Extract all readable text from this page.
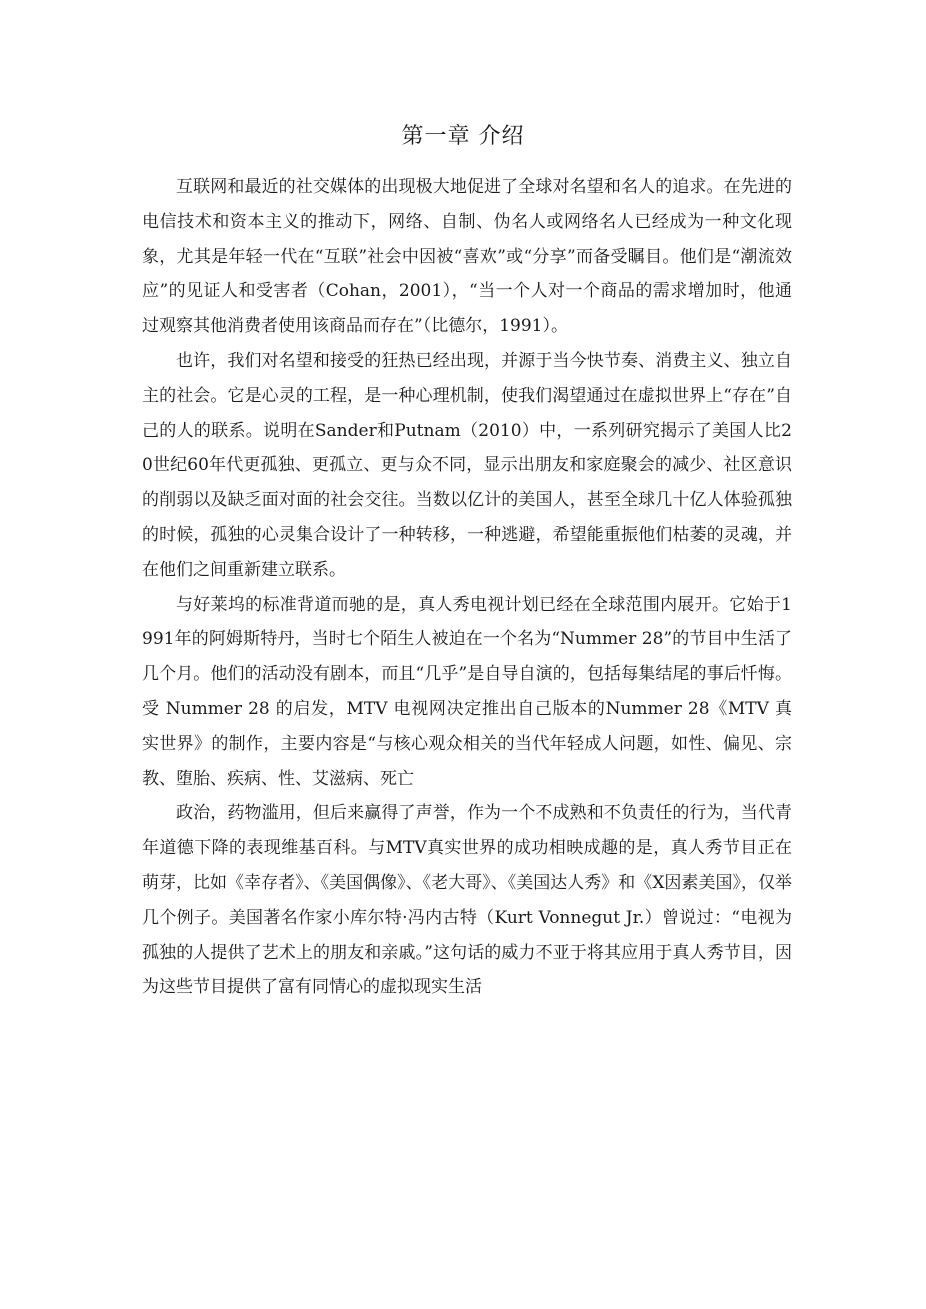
第一章 介绍

互联网和最近的社交媒体的出现极大地促进了全球对名望和名人的追求。在先进的电信技术和资本主义的推动下，网络、自制、伪名人或网络名人已经成为一种文化现象，尤其是年轻一代在“互联”社会中因被“喜欢”或“分享”而备受瞩目。他们是“潮流效应”的见证人和受害者（Cohan，2001），“当一个人对一个商品的需求增加时，他通过观察其他消费者使用该商品而存在”（比德尔，1991）。

也许，我们对名望和接受的狂热已经出现，并源于当今快节奏、消费主义、独立自主的社会。它是心灵的工程，是一种心理机制，使我们渴望通过在虚拟世界上“存在”自己的人的联系。说明在Sander和Putnam（2010）中，一系列研究揭示了美国人比20世纪60年代更孤独、更孤立、更与众不同，显示出朋友和家庭聚会的减少、社区意识的削弱以及缺乏面对面的社会交往。当数以亿计的美国人，甚至全球几十亿人体验孤独的时候，孤独的心灵集合设计了一种转移，一种逃避，希望能重振他们枯萎的灵魂，并在他们之间重新建立联系。

与好莱坞的标准背道而驰的是，真人秀电视计划已经在全球范围内展开。它始于1991年的阿姆斯特丹，当时七个陌生人被迫在一个名为“Nummer 28”的节目中生活了几个月。他们的活动没有剧本，而且“几乎”是自导自演的，包括每集结尾的事后忏悔。受 Nummer 28 的启发，MTV 电视网决定推出自己版本的Nummer 28《MTV 真实世界》的制作，主要内容是“与核心观众相关的当代年轻成人问题，如性、偏见、宗教、堕胎、疾病、性、艾滋病、死亡

政治，药物滥用，但后来赢得了声誉，作为一个不成熟和不负责任的行为，当代青年道德下降的表现维基百科。与MTV真实世界的成功相映成趣的是，真人秀节目正在萌芽，比如《幸存者》、《美国偶像》、《老大哥》、《美国达人秀》和《X因素美国》，仅举几个例子。美国著名作家小库尔特·冯内古特（Kurt Vonnegut Jr.）曾说过：“电视为孤独的人提供了艺术上的朋友和亲戚。”这句话的威力不亚于将其应用于真人秀节目，因为这些节目提供了富有同情心的虚拟现实生活
